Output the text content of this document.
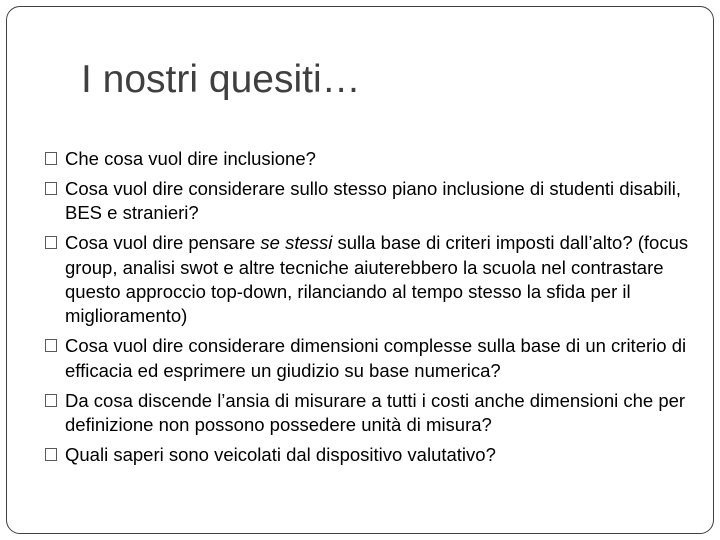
I nostri quesiti…
Che cosa vuol dire inclusione?
Cosa vuol dire considerare sullo stesso piano inclusione di studenti disabili, BES e stranieri?
Cosa vuol dire pensare se stessi sulla base di criteri imposti dall’alto? (focus group, analisi swot e altre tecniche aiuterebbero la scuola nel contrastare questo approccio top-down, rilanciando al tempo stesso la sfida per il miglioramento)
Cosa vuol dire considerare dimensioni complesse sulla base di un criterio di efficacia ed esprimere un giudizio su base numerica?
Da cosa discende l’ansia di misurare a tutti i costi anche dimensioni che per definizione non possono possedere unità di misura?
Quali saperi sono veicolati dal dispositivo valutativo?
